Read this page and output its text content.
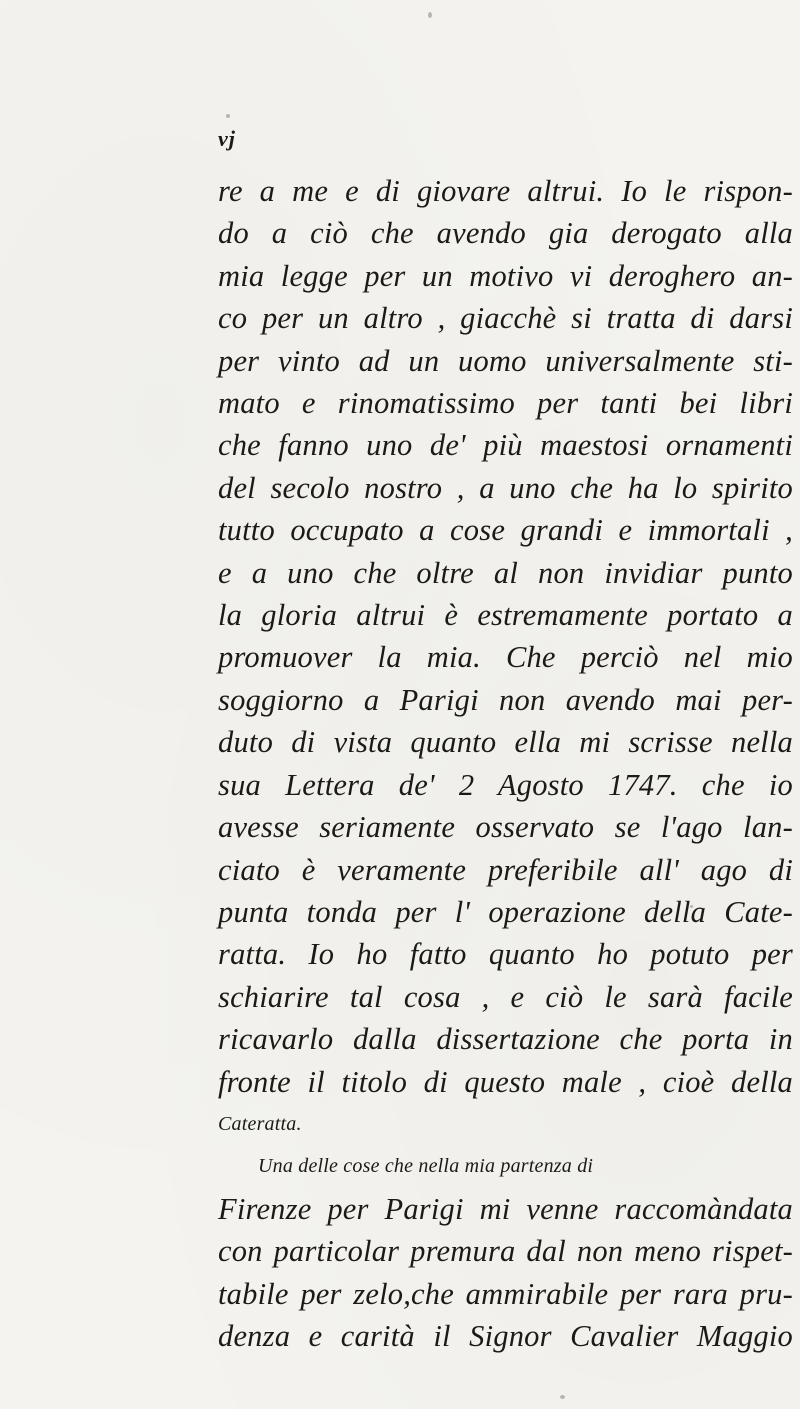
vj
re a me e di giovare altrui. Io le rispon-
do a ciò che avendo gia derogato alla
mia legge per un motivo vi deroghero an-
co per un altro , giacchè si tratta di darsi
per vinto ad un uomo universalmente sti-
mato e rinomatissimo per tanti bei libri
che fanno uno de' più maestosi ornamenti
del secolo nostro , a uno che ha lo spirito
tutto occupato a cose grandi e immortali ,
e a uno che oltre al non invidiar punto
la gloria altrui è estremamente portato a
promuover la mia. Che perciò nel mio
soggiorno a Parigi non avendo mai per-
duto di vista quanto ella mi scrisse nella
sua Lettera de' 2 Agosto 1747. che io
avesse seriamente osservato se l'ago lan-
ciato è veramente preferibile all' ago di
punta tonda per l' operazione della Cate-
ratta. Io ho fatto quanto ho potuto per
schiarire tal cosa , e ciò le sarà facile
ricavarlo dalla dissertazione che porta in
fronte il titolo di questo male , cioè della
Cateratta.
Una delle cose che nella mia partenza di
Firenze per Parigi mi venne raccomàndata
con particolar premura dal non meno rispet-
tabile per zelo,che ammirabile per rara pru-
denza e carità il Signor Cavalier Maggio
